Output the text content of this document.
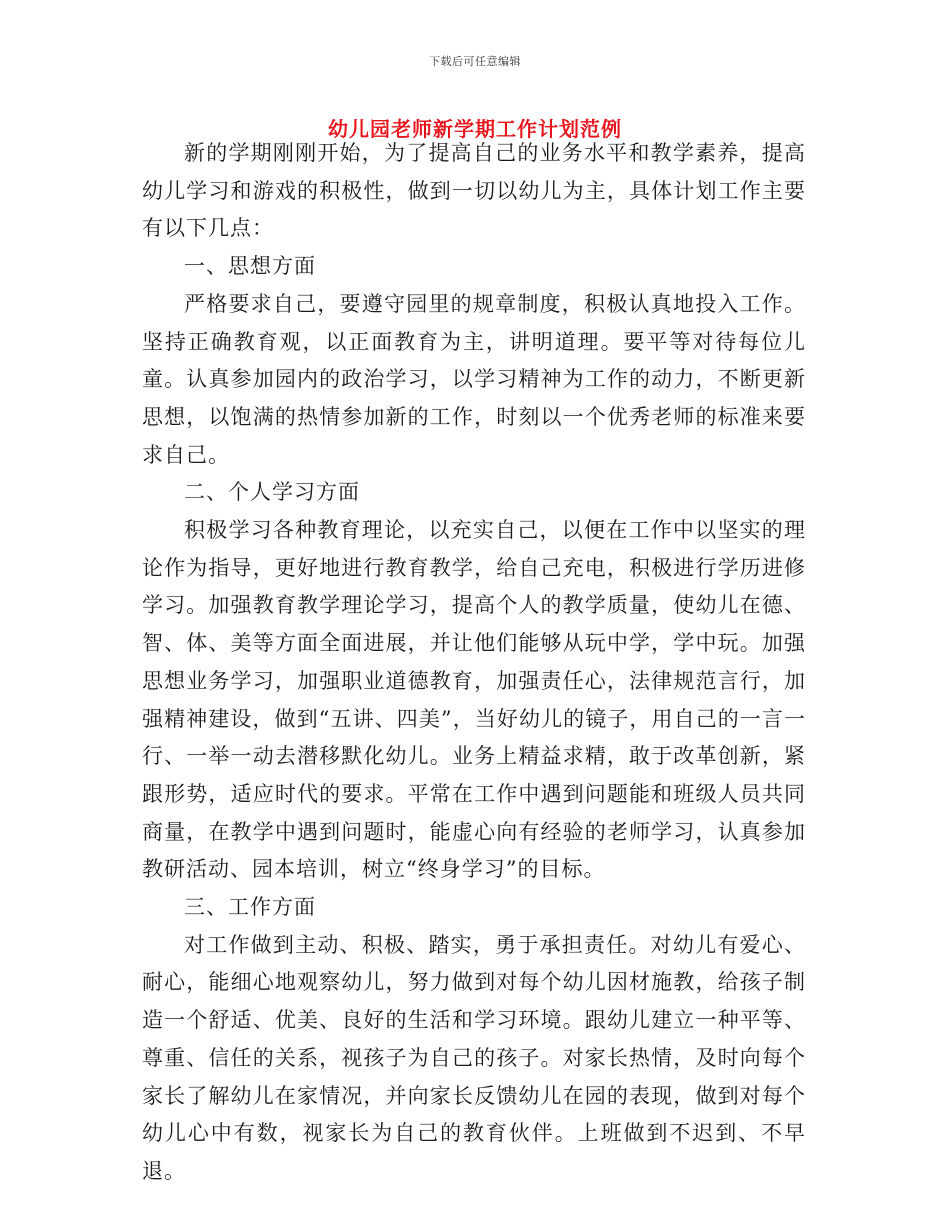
下载后可任意编辑
幼儿园老师新学期工作计划范例

新的学期刚刚开始，为了提高自己的业务水平和教学素养，提高幼儿学习和游戏的积极性，做到一切以幼儿为主，具体计划工作主要有以下几点：

一、思想方面

严格要求自己，要遵守园里的规章制度，积极认真地投入工作。坚持正确教育观，以正面教育为主，讲明道理。要平等对待每位儿童。认真参加园内的政治学习，以学习精神为工作的动力，不断更新思想，以饱满的热情参加新的工作，时刻以一个优秀老师的标准来要求自己。

二、个人学习方面

积极学习各种教育理论，以充实自己，以便在工作中以坚实的理论作为指导，更好地进行教育教学，给自己充电，积极进行学历进修学习。加强教育教学理论学习，提高个人的教学质量，使幼儿在德、智、体、美等方面全面进展，并让他们能够从玩中学，学中玩。加强思想业务学习，加强职业道德教育，加强责任心，法律规范言行，加强精神建设，做到“五讲、四美”，当好幼儿的镜子，用自己的一言一行、一举一动去潜移默化幼儿。业务上精益求精，敢于改革创新，紧跟形势，适应时代的要求。平常在工作中遇到问题能和班级人员共同商量，在教学中遇到问题时，能虚心向有经验的老师学习，认真参加教研活动、园本培训，树立“终身学习”的目标。

三、工作方面

对工作做到主动、积极、踏实，勇于承担责任。对幼儿有爱心、耐心，能细心地观察幼儿，努力做到对每个幼儿因材施教，给孩子制造一个舒适、优美、良好的生活和学习环境。跟幼儿建立一种平等、尊重、信任的关系，视孩子为自己的孩子。对家长热情，及时向每个家长了解幼儿在家情况，并向家长反馈幼儿在园的表现，做到对每个幼儿心中有数，视家长为自己的教育伙伴。上班做到不迟到、不早退。
